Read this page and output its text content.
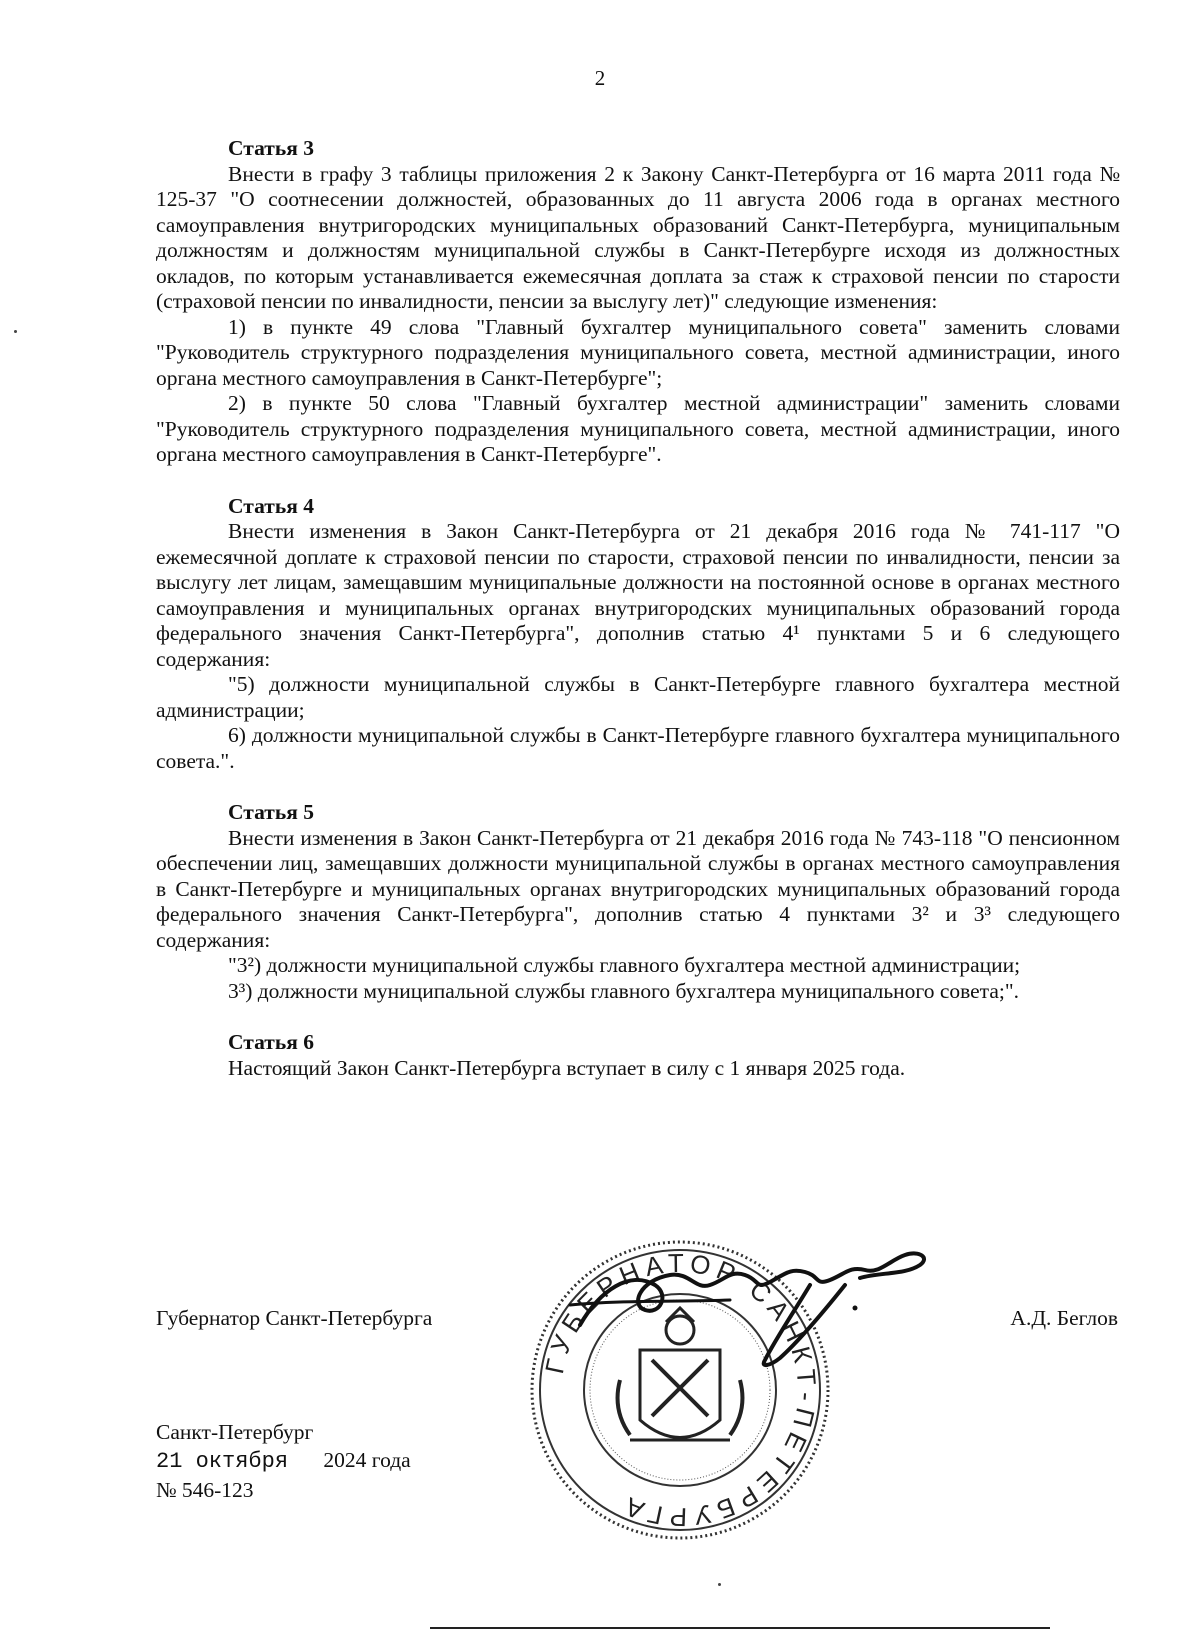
2

Статья 3

Внести в графу 3 таблицы приложения 2 к Закону Санкт-Петербурга от 16 марта 2011 года № 125-37 "О соотнесении должностей, образованных до 11 августа 2006 года в органах местного самоуправления внутригородских муниципальных образований Санкт-Петербурга, муниципальным должностям и должностям муниципальной службы в Санкт-Петербурге исходя из должностных окладов, по которым устанавливается ежемесячная доплата за стаж к страховой пенсии по старости (страховой пенсии по инвалидности, пенсии за выслугу лет)" следующие изменения:

1) в пункте 49 слова "Главный бухгалтер муниципального совета" заменить словами "Руководитель структурного подразделения муниципального совета, местной администрации, иного органа местного самоуправления в Санкт-Петербурге";

2) в пункте 50 слова "Главный бухгалтер местной администрации" заменить словами "Руководитель структурного подразделения муниципального совета, местной администрации, иного органа местного самоуправления в Санкт-Петербурге".

Статья 4

Внести изменения в Закон Санкт-Петербурга от 21 декабря 2016 года № 741-117 "О ежемесячной доплате к страховой пенсии по старости, страховой пенсии по инвалидности, пенсии за выслугу лет лицам, замещавшим муниципальные должности на постоянной основе в органах местного самоуправления и муниципальных органах внутригородских муниципальных образований города федерального значения Санкт-Петербурга", дополнив статью 4¹ пунктами 5 и 6 следующего содержания:

"5) должности муниципальной службы в Санкт-Петербурге главного бухгалтера местной администрации;

6) должности муниципальной службы в Санкт-Петербурге главного бухгалтера муниципального совета.".

Статья 5

Внести изменения в Закон Санкт-Петербурга от 21 декабря 2016 года № 743-118 "О пенсионном обеспечении лиц, замещавших должности муниципальной службы в органах местного самоуправления в Санкт-Петербурге и муниципальных органах внутригородских муниципальных образований города федерального значения Санкт-Петербурга", дополнив статью 4 пунктами 3² и 3³ следующего содержания:

"3²) должности муниципальной службы главного бухгалтера местной администрации;

3³) должности муниципальной службы главного бухгалтера муниципального совета;".

Статья 6

Настоящий Закон Санкт-Петербурга вступает в силу с 1 января 2025 года.

Губернатор Санкт-Петербурга	А.Д. Беглов
ГУБЕРНАТОР САНКТ-ПЕТЕРБУРГА
Санкт-Петербург
21 октября 2024 года
№ 546-123
